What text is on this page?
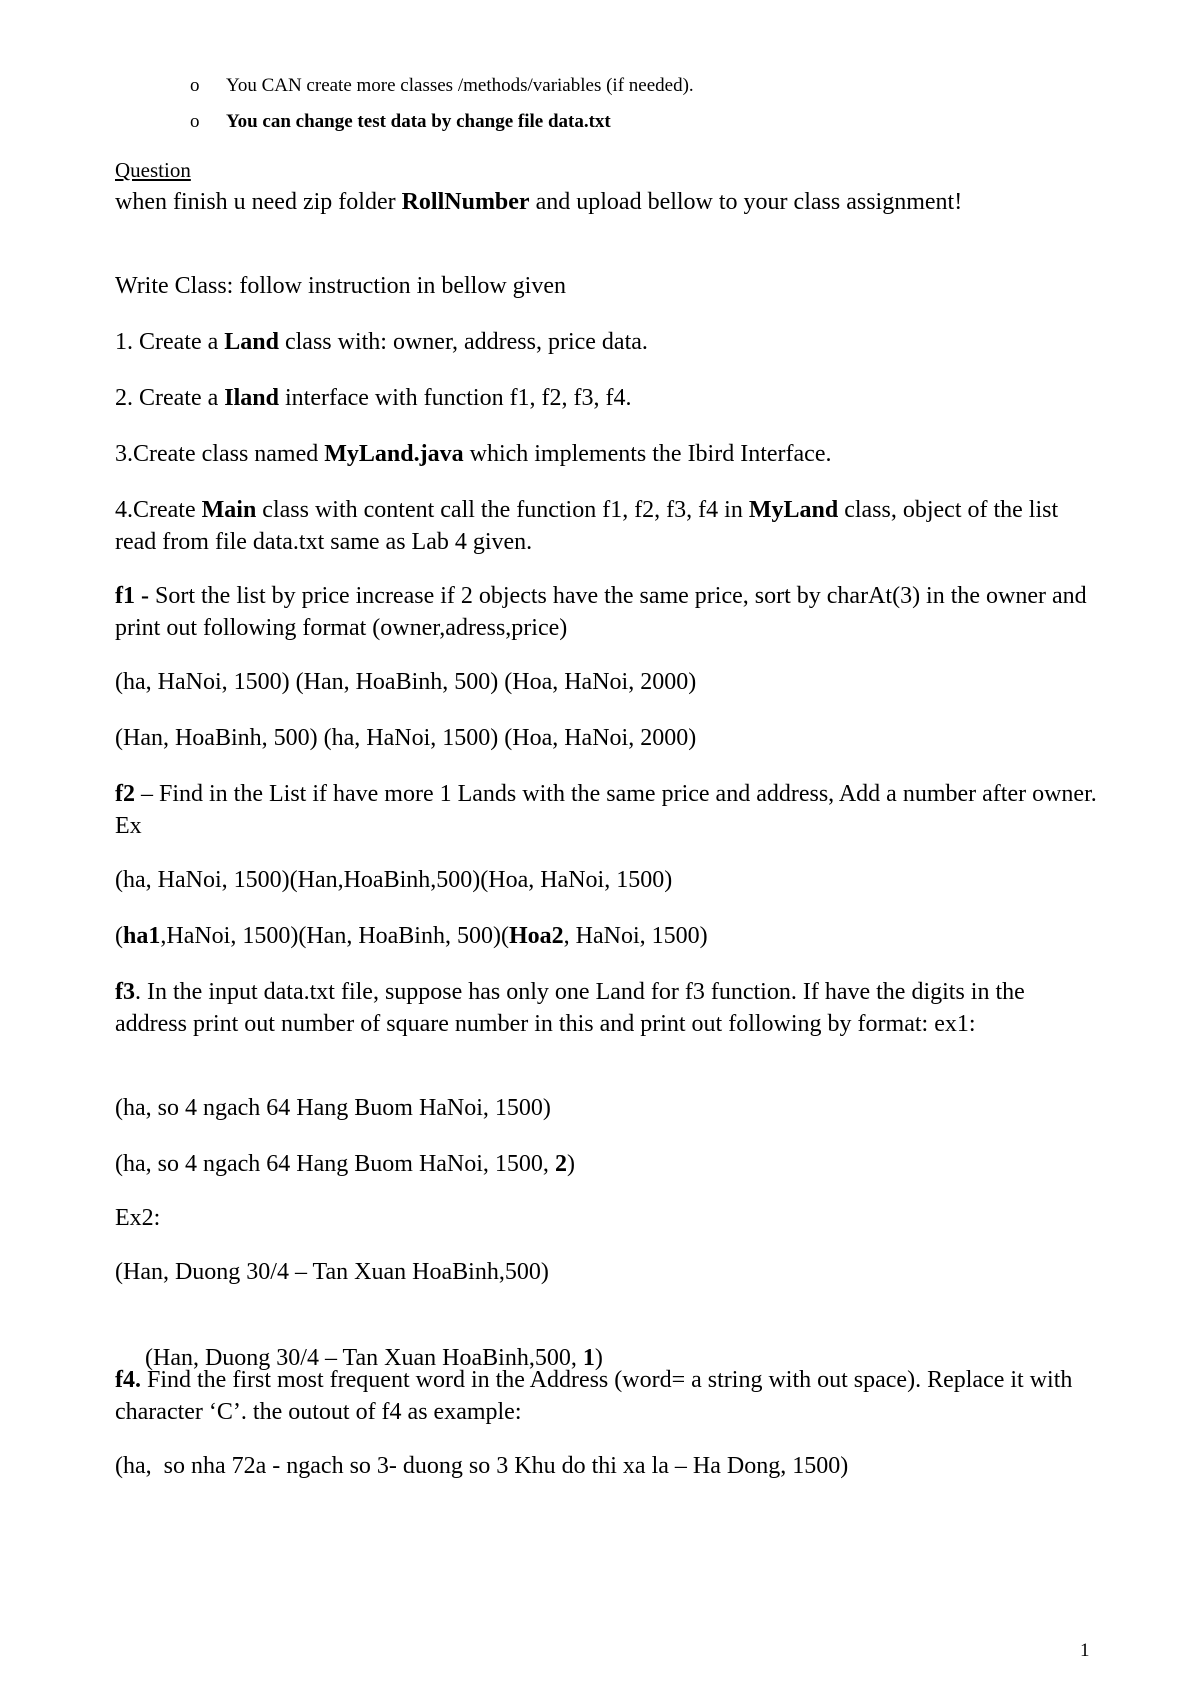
o You CAN create more classes /methods/variables (if needed).
o You can change test data by change file data.txt
Question
when finish u need zip folder RollNumber and upload bellow to your class assignment!
Write Class: follow instruction in bellow given
1. Create a Land class with: owner, address, price data.
2. Create a Iland interface with function f1, f2, f3, f4.
3.Create class named MyLand.java which implements the Ibird Interface.
4.Create Main class with content call the function f1, f2, f3, f4 in MyLand class, object of the list read from file data.txt same as Lab 4 given.
f1 - Sort the list by price increase if 2 objects have the same price, sort by charAt(3) in the owner and print out following format (owner,adress,price)
(ha, HaNoi, 1500) (Han, HoaBinh, 500) (Hoa, HaNoi, 2000)
(Han, HoaBinh, 500) (ha, HaNoi, 1500) (Hoa, HaNoi, 2000)
f2 – Find in the List if have more 1 Lands with the same price and address, Add a number after owner. Ex
(ha, HaNoi, 1500)(Han,HoaBinh,500)(Hoa, HaNoi, 1500)
(ha1,HaNoi, 1500)(Han, HoaBinh, 500)(Hoa2, HaNoi, 1500)
f3. In the input data.txt file, suppose has only one Land for f3 function. If have the digits in the address print out number of square number in this and print out following by format: ex1:
(ha, so 4 ngach 64 Hang Buom HaNoi, 1500)
(ha, so 4 ngach 64 Hang Buom HaNoi, 1500, 2)
Ex2:
(Han, Duong 30/4 – Tan Xuan HoaBinh,500)

(Han, Duong 30/4 – Tan Xuan HoaBinh,500, 1)

f4. Find the first most frequent word in the Address (word= a string with out space). Replace it with character ‘C’. the outout of f4 as example:
(ha,  so nha 72a - ngach so 3- duong so 3 Khu do thi xa la – Ha Dong, 1500)
1
